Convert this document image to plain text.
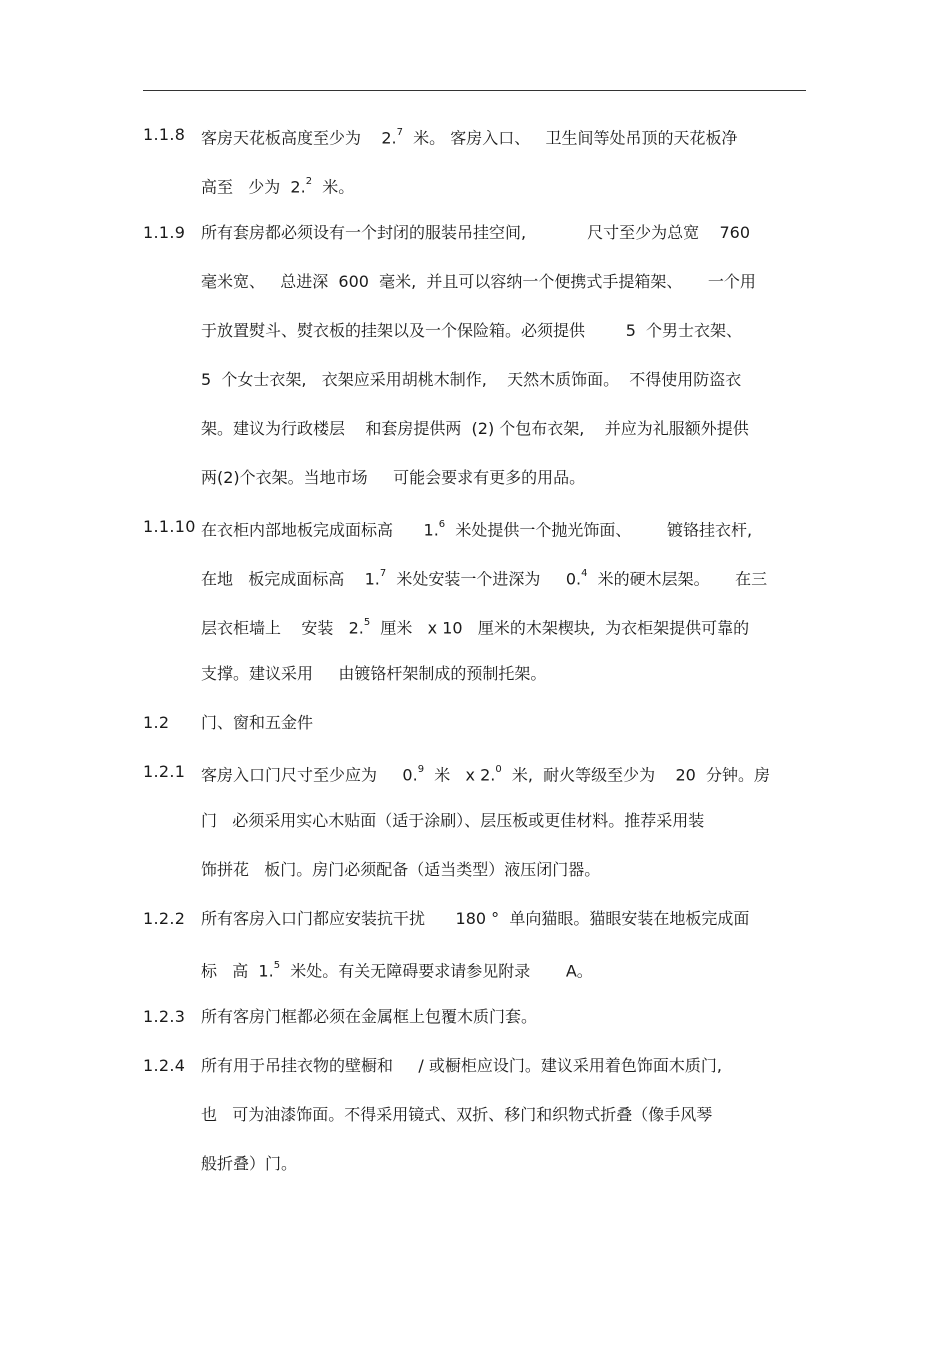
1.1.8 客房天花板高度至少为    2.$^7$  米。 客房入口、   卫生间等处吊顶的天花板净
高至   少为  2.$^2$  米。
1.1.9 所有套房都必须设有一个封闭的服装吊挂空间,            尺寸至少为总宽    760
毫米宽、   总进深  600  毫米,  并且可以容纳一个便携式手提箱架、     一个用
于放置熨斗、熨衣板的挂架以及一个保险箱。必须提供        5  个男士衣架、
5  个女士衣架,   衣架应采用胡桃木制作,    天然木质饰面。  不得使用防盗衣
架。建议为行政楼层    和套房提供两  (2) 个包布衣架,    并应为礼服额外提供
两(2)个衣架。当地市场     可能会要求有更多的用品。
1.1.10 在衣柜内部地板完成面标高      1.$^6$  米处提供一个抛光饰面、       镀铬挂衣杆,
在地   板完成面标高    1.$^7$  米处安装一个进深为     0.$^4$  米的硬木层架。     在三
层衣柜墙上    安装   2.$^5$  厘米   x 10   厘米的木架楔块,  为衣柜架提供可靠的
支撑。建议采用     由镀铬杆架制成的预制托架。
1.2	门、窗和五金件
1.2.1 客房入口门尺寸至少应为     0.$^9$  米   x 2.$^0$  米,  耐火等级至少为    20  分钟。房
门   必须采用实心木贴面（适于涂刷）、层压板或更佳材料。推荐采用装
饰拼花   板门。房门必须配备（适当类型）液压闭门器。
1.2.2 所有客房入口门都应安装抗干扰      180 °  单向猫眼。猫眼安装在地板完成面
标   高  1.$^5$  米处。有关无障碍要求请参见附录       A。
1.2.3 所有客房门框都必须在金属框上包覆木质门套。
1.2.4 所有用于吊挂衣物的壁橱和     / 或橱柜应设门。建议采用着色饰面木质门,
也   可为油漆饰面。不得采用镜式、双折、移门和织物式折叠（像手风琴
般折叠）门。
